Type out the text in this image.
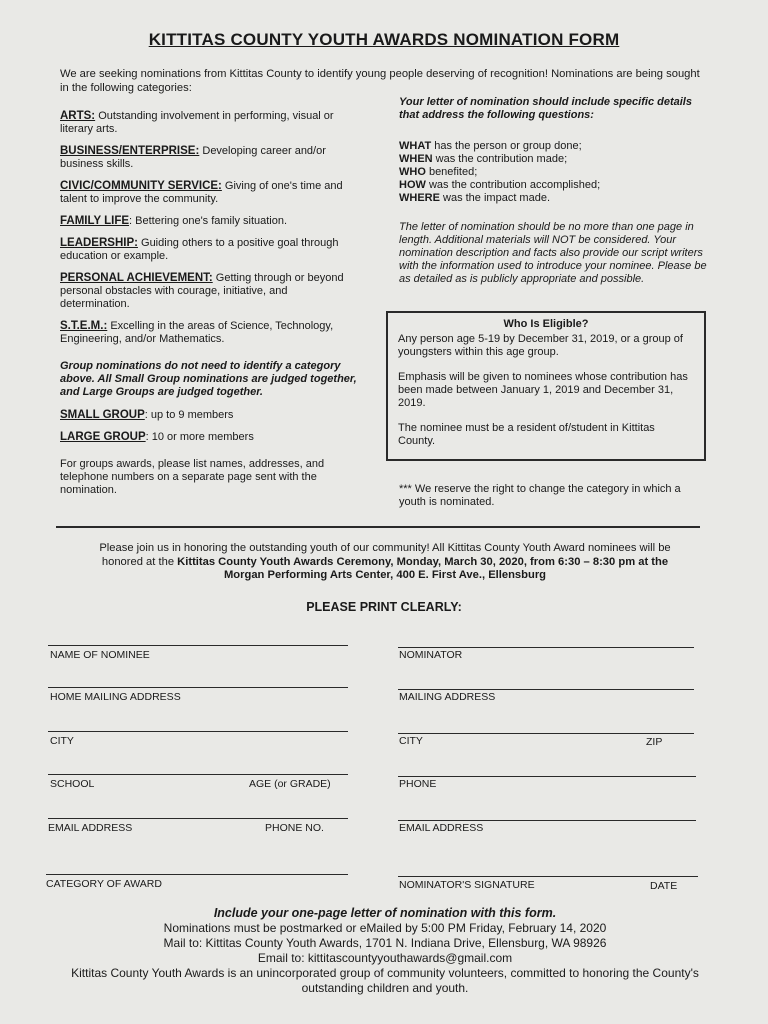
KITTITAS COUNTY YOUTH AWARDS NOMINATION FORM
We are seeking nominations from Kittitas County to identify young people deserving of recognition! Nominations are being sought in the following categories:
ARTS: Outstanding involvement in performing, visual or literary arts.
BUSINESS/ENTERPRISE: Developing career and/or business skills.
CIVIC/COMMUNITY SERVICE: Giving of one's time and talent to improve the community.
FAMILY LIFE: Bettering one's family situation.
LEADERSHIP: Guiding others to a positive goal through education or example.
PERSONAL ACHIEVEMENT: Getting through or beyond personal obstacles with courage, initiative, and determination.
S.T.E.M.: Excelling in the areas of Science, Technology, Engineering, and/or Mathematics.
Group nominations do not need to identify a category above. All Small Group nominations are judged together, and Large Groups are judged together.
SMALL GROUP: up to 9 members
LARGE GROUP: 10 or more members
For groups awards, please list names, addresses, and telephone numbers on a separate page sent with the nomination.
Your letter of nomination should include specific details that address the following questions:
WHAT has the person or group done;
WHEN was the contribution made;
WHO benefited;
HOW was the contribution accomplished;
WHERE was the impact made.
The letter of nomination should be no more than one page in length. Additional materials will NOT be considered. Your nomination description and facts also provide our script writers with the information used to introduce your nominee. Please be as detailed as is publicly appropriate and possible.
Who Is Eligible?

Any person age 5-19 by December 31, 2019, or a group of youngsters within this age group.

Emphasis will be given to nominees whose contribution has been made between January 1, 2019 and December 31, 2019.

The nominee must be a resident of/student in Kittitas County.

*** We reserve the right to change the category in which a youth is nominated.
Please join us in honoring the outstanding youth of our community! All Kittitas County Youth Award nominees will be
honored at the Kittitas County Youth Awards Ceremony, Monday, March 30, 2020, from 6:30 – 8:30 pm at the
Morgan Performing Arts Center, 400 E. First Ave., Ellensburg
PLEASE PRINT CLEARLY:
NAME OF NOMINEE
HOME MAILING ADDRESS
CITY
SCHOOL	AGE (or GRADE)
EMAIL ADDRESS	PHONE NO.
CATEGORY OF AWARD
NOMINATOR
MAILING ADDRESS
CITY	ZIP
PHONE
EMAIL ADDRESS
NOMINATOR'S SIGNATURE	DATE
Include your one-page letter of nomination with this form.
Nominations must be postmarked or eMailed by 5:00 PM Friday, February 14, 2020
Mail to: Kittitas County Youth Awards, 1701 N. Indiana Drive, Ellensburg, WA 98926
Email to: kittitascountyyouthawards@gmail.com
Kittitas County Youth Awards is an unincorporated group of community volunteers, committed to honoring the County's outstanding children and youth.
